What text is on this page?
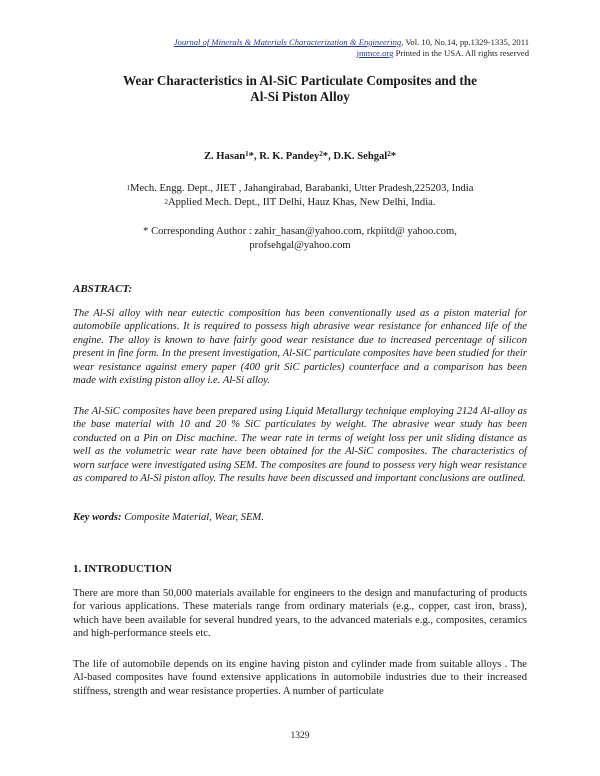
Journal of Minerals & Materials Characterization & Engineering, Vol. 10, No.14, pp.1329-1335, 2011
jmmce.org Printed in the USA. All rights reserved
Wear Characteristics in Al-SiC Particulate Composites and the
Al-Si Piston Alloy
Z. Hasan$^1$*, R. K. Pandey$^2$*, D.K. Sehgal$^2$*
$^1$Mech. Engg. Dept., JIET , Jahangirabad, Barabanki, Utter Pradesh,225203, India
$^2$Applied Mech. Dept., IIT Delhi, Hauz Khas, New Delhi, India.
* Corresponding Author : zahir_hasan@yahoo.com, rkpiitd@ yahoo.com,
profsehgal@yahoo.com
ABSTRACT:
The Al-Si alloy with near eutectic composition has been conventionally used as a piston material for automobile applications. It is required to possess high abrasive wear resistance for enhanced life of the engine. The alloy is known to have fairly good wear resistance due to increased percentage of silicon present in fine form. In the present investigation, Al-SiC particulate composites have been studied for their wear resistance against emery paper (400 grit SiC particles) counterface and a comparison has been made with existing piston alloy i.e. Al-Si alloy.
The Al-SiC composites have been prepared using Liquid Metallurgy technique employing 2124 Al-alloy as the base material with 10 and 20 % SiC particulates by weight. The abrasive wear study has been conducted on a Pin on Disc machine. The wear rate in terms of weight loss per unit sliding distance as well as the volumetric wear rate have been obtained for the Al-SiC composites. The characteristics of worn surface were investigated using SEM. The composites are found to possess very high wear resistance as compared to Al-Si piston alloy. The results have been discussed and important conclusions are outlined.
Key words: Composite Material, Wear, SEM.
1. INTRODUCTION
There are more than 50,000 materials available for engineers to the design and manufacturing of products for various applications. These materials range from ordinary materials (e.g., copper, cast iron, brass), which have been available for several hundred years, to the advanced materials e.g., composites, ceramics and high-performance steels etc.
The life of automobile depends on its engine having piston and cylinder made from suitable alloys . The Al-based composites have found extensive applications in automobile industries due to their increased stiffness, strength and wear resistance properties. A number of particulate
1329
